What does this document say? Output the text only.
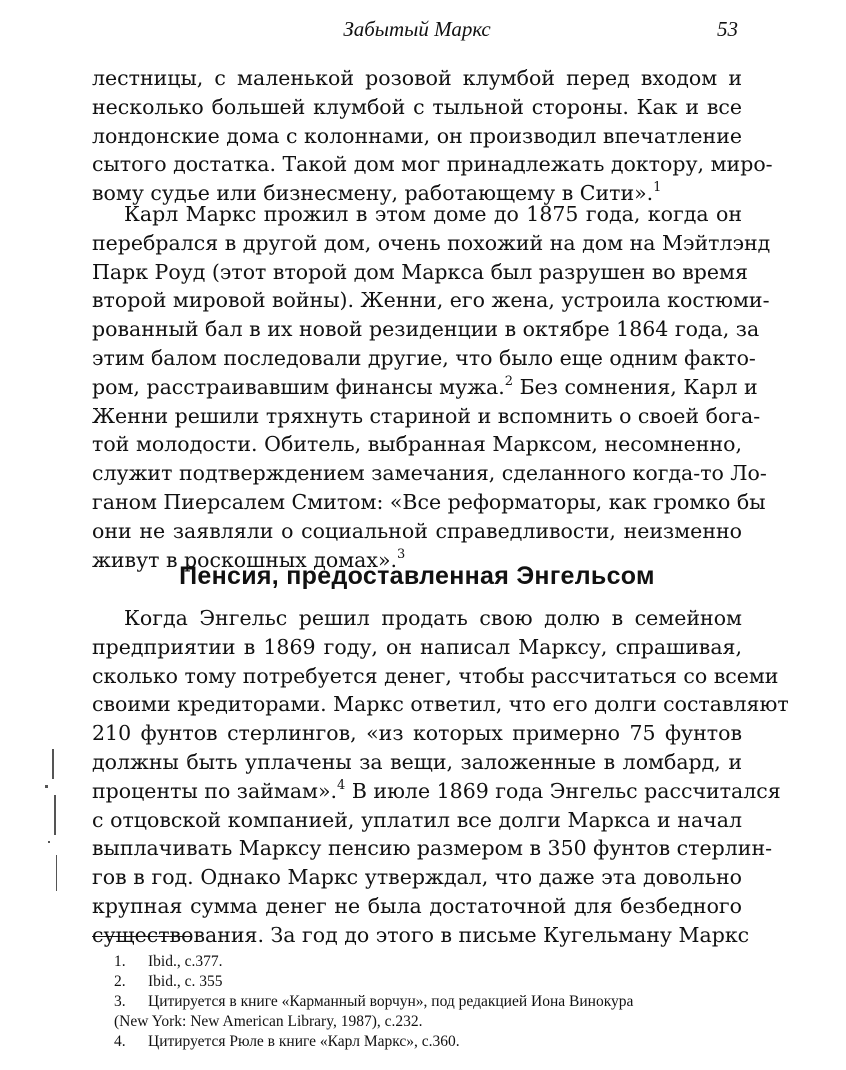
Забытый Маркс	53
лестницы, с маленькой розовой клумбой перед входом и
несколько большей клумбой с тыльной стороны. Как и все
лондонские дома с колоннами, он производил впечатление
сытого достатка. Такой дом мог принадлежать доктору, миро-
вому судье или бизнесмену, работающему в Сити».$^1$
Карл Маркс прожил в этом доме до 1875 года, когда он
перебрался в другой дом, очень похожий на дом на Мэйтлэнд
Парк Роуд (этот второй дом Маркса был разрушен во время
второй мировой войны). Женни, его жена, устроила костюми-
рованный бал в их новой резиденции в октябре 1864 года, за
этим балом последовали другие, что было еще одним факто-
ром, расстраивавшим финансы мужа.$^2$ Без сомнения, Карл и
Женни решили тряхнуть стариной и вспомнить о своей бога-
той молодости. Обитель, выбранная Марксом, несомненно,
служит подтверждением замечания, сделанного когда-то Ло-
ганом Пиерсалем Смитом: «Все реформаторы, как громко бы
они не заявляли о социальной справедливости, неизменно
живут в роскошных домах».$^3$
Пенсия, предоставленная Энгельсом
Когда Энгельс решил продать свою долю в семейном
предприятии в 1869 году, он написал Марксу, спрашивая,
сколько тому потребуется денег, чтобы рассчитаться со всеми
своими кредиторами. Маркс ответил, что его долги составляют
210 фунтов стерлингов, «из которых примерно 75 фунтов
должны быть уплачены за вещи, заложенные в ломбард, и
проценты по займам».$^4$ В июле 1869 года Энгельс рассчитался
с отцовской компанией, уплатил все долги Маркса и начал
выплачивать Марксу пенсию размером в 350 фунтов стерлин-
гов в год. Однако Маркс утверждал, что даже эта довольно
крупная сумма денег не была достаточной для безбедного
существования. За год до этого в письме Кугельману Маркс
1. Ibid., с.377.
2. Ibid., с. 355
3. Цитируется в книге «Карманный ворчун», под редакцией Иона Винокура
(New York: New American Library, 1987), с.232.
4. Цитируется Рюле в книге «Карл Маркс», с.360.
